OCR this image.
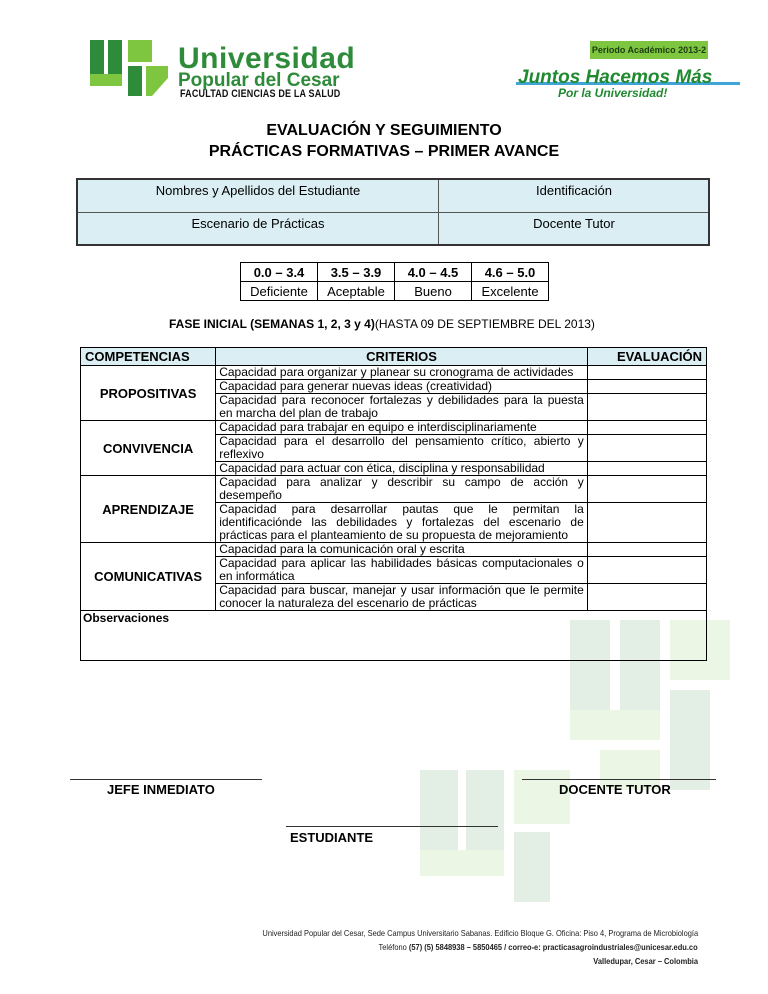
Universidad
Popular del Cesar
FACULTAD CIENCIAS DE LA SALUD
Periodo Académico 2013-2
Juntos Hacemos Más
Por la Universidad!
EVALUACIÓN Y SEGUIMIENTO
PRÁCTICAS FORMATIVAS – PRIMER AVANCE
Nombres y Apellidos del Estudiante	Identificación
Escenario de Prácticas	Docente Tutor
0.0 – 3.4	3.5 – 3.9	4.0 – 4.5	4.6 – 5.0
Deficiente	Aceptable	Bueno	Excelente
FASE INICIAL (SEMANAS 1, 2, 3 y 4)(HASTA 09 DE SEPTIEMBRE DEL 2013)
COMPETENCIAS	CRITERIOS	EVALUACIÓN
PROPOSITIVAS	Capacidad para organizar y planear su cronograma de actividades	
	Capacidad para generar nuevas ideas (creatividad)	
	Capacidad para reconocer fortalezas y debilidades para la puesta en marcha del plan de trabajo	
CONVIVENCIA	Capacidad para trabajar en equipo e interdisciplinariamente	
	Capacidad para el desarrollo del pensamiento crítico, abierto y reflexivo	
	Capacidad para actuar con ética, disciplina y responsabilidad	
APRENDIZAJE	Capacidad para analizar y describir su campo de acción y desempeño	
	Capacidad para desarrollar pautas que le permitan la identificaciónde las debilidades y fortalezas del escenario de prácticas para el planteamiento de su propuesta de mejoramiento	
COMUNICATIVAS	Capacidad para la comunicación oral y escrita	
	Capacidad para aplicar las habilidades básicas computacionales o en informática	
	Capacidad para buscar, manejar y usar información que le permite conocer la naturaleza del escenario de prácticas	
Observaciones		
JEFE INMEDIATO	DOCENTE TUTOR
ESTUDIANTE
Universidad Popular del Cesar, Sede Campus Universitario Sabanas. Edificio Bloque G. Oficina: Piso 4, Programa de Microbiología
Teléfono (57) (5) 5848938 – 5850465 / correo-e: practicasagroindustriales@unicesar.edu.co
Valledupar, Cesar – Colombia
